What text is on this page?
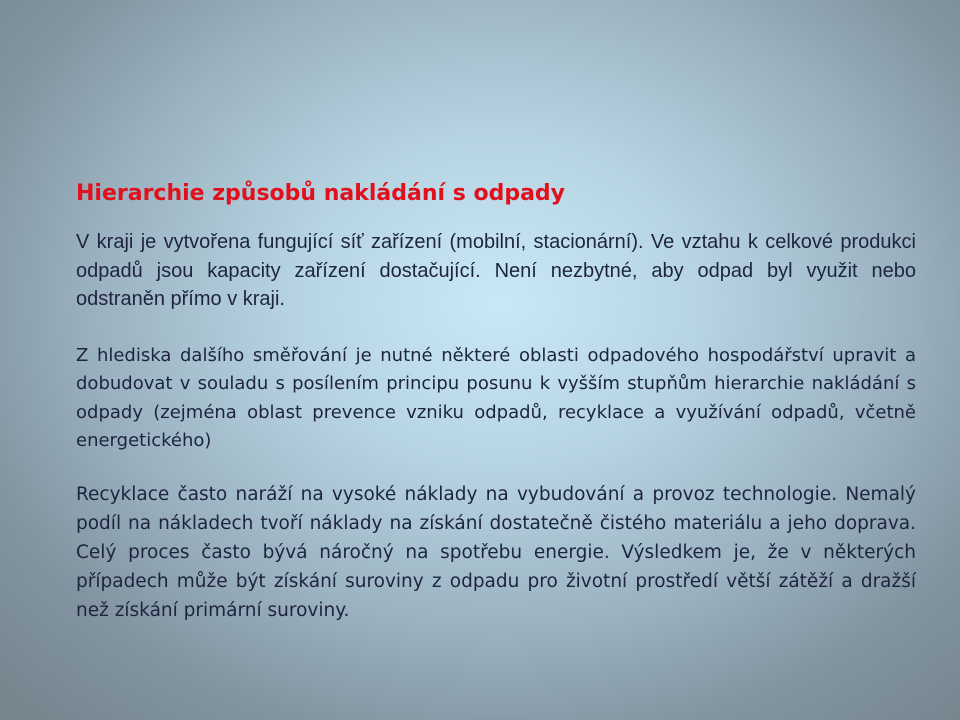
Hierarchie způsobů nakládání s odpady

V kraji je vytvořena fungující síť zařízení (mobilní, stacionární). Ve vztahu k celkové produkci odpadů jsou kapacity zařízení dostačující. Není nezbytné, aby odpad byl využit nebo odstraněn přímo v kraji.

Z hlediska dalšího směřování je nutné některé oblasti odpadového hospodářství upravit a dobudovat v souladu s posílením principu posunu k vyšším stupňům hierarchie nakládání s odpady (zejména oblast prevence vzniku odpadů, recyklace a využívání odpadů, včetně energetického)

Recyklace často naráží na vysoké náklady na vybudování a provoz technologie. Nemalý podíl na nákladech tvoří náklady na získání dostatečně čistého materiálu a jeho doprava. Celý proces často bývá náročný na spotřebu energie. Výsledkem je, že v některých případech může být získání suroviny z odpadu pro životní prostředí větší zátěží a dražší než získání primární suroviny.
